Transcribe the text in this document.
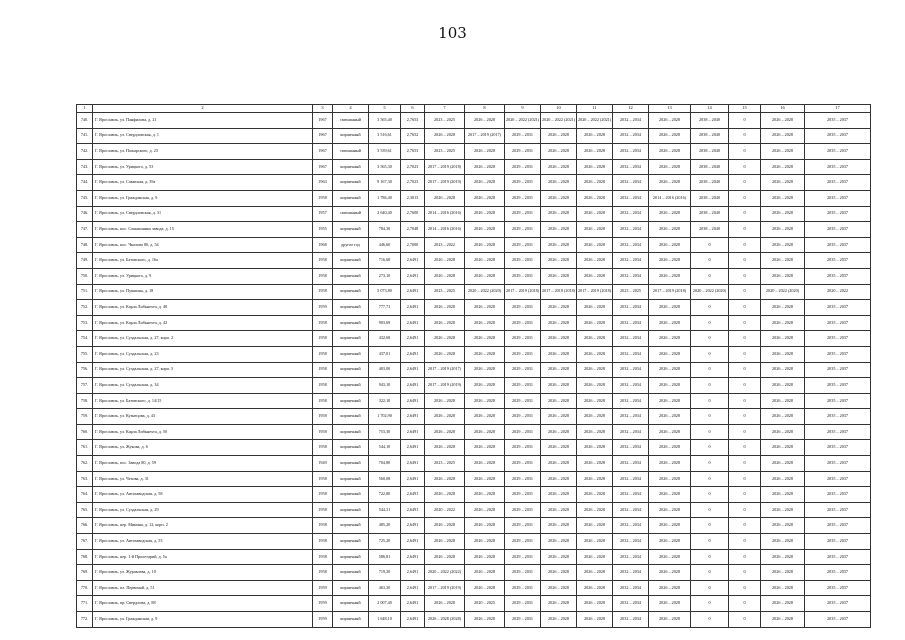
103
1	2	3	4	5	6	7	8	9	10	11	12	13	14	15	16	17
740.	Г. Ярославль, ул. Панфилова, д. 21	1967	смешанный	3 565,40	2,7653	2023 – 2025	2026 – 2028	2020 – 2022 (2021)	2020 – 2022 (2021)	2020 – 2022 (2021)	2032 – 2034	2026 – 2028	2038 – 2040	0	2026 – 2028	2035 – 2037
741.	Г. Ярославль, ул. Свердловская, д. 1	1967	кирпичный	3 516,61	2,7652	2026 – 2028	2017 – 2019 (2017)	2029 – 2031	2026 – 2028	2026 – 2028	2032 – 2034	2026 – 2028	2038 – 2040	0	2026 – 2028	2035 – 2037
742.	Г. Ярославль, ул. Пожарского, д. 23	1967	смешанный	3 539,61	2,7653	2023 – 2025	2026 – 2028	2029 – 2031	2026 – 2028	2026 – 2028	2032 – 2034	2026 – 2028	2038 – 2040	0	2026 – 2028	2035 – 2037
743.	Г. Ярославль, ул. Урицкого, д. 53	1967	кирпичный	3 565,30	2,7023	2017 – 2019 (2018)	2026 – 2028	2029 – 2031	2026 – 2028	2026 – 2028	2032 – 2034	2026 – 2028	2038 – 2040	0	2026 – 2028	2035 – 2037
744.	Г. Ярославль, ул. Сакмская, д. 39а	1963	кирпичный	9 167,30	2,7023	2017 – 2019 (2019)	2026 – 2028	2029 – 2031	2026 – 2028	2026 – 2028	2032 – 2034	2026 – 2028	2038 – 2040	0	2026 – 2028	2035 – 2037
745.	Г. Ярославль, ул. Гражданская, д. 9	1958	кирпичный	1 786,40	2,3013	2026 – 2028	2026 – 2028	2029 – 2031	2026 – 2028	2026 – 2028	2032 – 2034	2014 – 2016 (2016)	2038 – 2040	0	2026 – 2028	2035 – 2037
746.	Г. Ярославль, ул. Свердловская, д. 31	1957	смешанный	2 640,40	2,7600	2014 – 2016 (2016)	2026 – 2028	2029 – 2031	2026 – 2028	2026 – 2028	2032 – 2034	2026 – 2028	2038 – 2040	0	2026 – 2028	2035 – 2037
747.	Г. Ярославль, пос. Сокнашника завода, д. 15	1955	кирпичный	784,30	2,7048	2014 – 2016 (2016)	2026 – 2028	2029 – 2031	2026 – 2028	2026 – 2028	2032 – 2034	2026 – 2028	2038 – 2040	0	2026 – 2028	2035 – 2037
748.	Г. Ярославль, пос. Чкалова 80, д. 54	1968	другое год	446,60	2,7000	2023 – 2022	2026 – 2028	2029 – 2031	2026 – 2028	2026 – 2028	2032 – 2034	2026 – 2028	0	0	2026 – 2028	2035 – 2037
749.	Г. Ярославль, ул. Батовского, д. 16а	1958	кирпичный	716,60	2,6491	2026 – 2028	2026 – 2028	2029 – 2031	2026 – 2028	2026 – 2028	2032 – 2034	2026 – 2028	0	0	2026 – 2028	2035 – 2037
750.	Г. Ярославль, ул. Урицкого, д. 9	1958	кирпичный	273,10	2,6491	2026 – 2028	2026 – 2028	2029 – 2031	2026 – 2028	2026 – 2028	2032 – 2034	2026 – 2028	0	0	2026 – 2028	2035 – 2037
751.	Г. Ярославль, ул. Пушкина, д. 18	1958	кирпичный	5 073,80	2,6491	2023 – 2025	2020 – 2022 (2020)	2017 – 2019 (2018)	2017 – 2019 (2018)	2017 – 2019 (2018)	2023 – 2025	2017 – 2019 (2018)	2020 – 2022 (2020)	0	2020 – 2022 (2020)	2020 – 2022
752.	Г. Ярославль, ул. Карла Либкнехта, д. 40	1959	кирпичный	777,71	2,6491	2026 – 2028	2026 – 2028	2029 – 2031	2026 – 2028	2026 – 2028	2032 – 2034	2026 – 2028	0	0	2026 – 2028	2035 – 2037
753.	Г. Ярославль, ул. Карла Либкнехта, д. 42	1958	кирпичный	903,69	2,6491	2026 – 2028	2026 – 2028	2029 – 2031	2026 – 2028	2026 – 2028	2032 – 2034	2026 – 2028	0	0	2026 – 2028	2035 – 2037
754.	Г. Ярославль, ул. Суздальская, д. 27, корп. 2	1958	кирпичный	432,68	2,6491	2026 – 2028	2026 – 2028	2029 – 2031	2026 – 2028	2026 – 2028	2032 – 2034	2026 – 2028	0	0	2026 – 2028	2035 – 2037
755.	Г. Ярославль, ул. Суздальская, д. 23	1958	кирпичный	437,01	2,6491	2026 – 2028	2026 – 2028	2029 – 2031	2026 – 2028	2026 – 2028	2032 – 2034	2026 – 2028	0	0	2026 – 2028	2035 – 2037
756.	Г. Ярославль, ул. Суздальская, д. 27, корп. 3	1958	кирпичный	403,00	2,6491	2017 – 2019 (2017)	2026 – 2028	2029 – 2031	2026 – 2028	2026 – 2028	2032 – 2034	2026 – 2028	0	0	2026 – 2028	2035 – 2037
757.	Г. Ярославль, ул. Суздальская, д. 34	1958	кирпичный	943,10	2,6491	2017 – 2019 (2019)	2026 – 2028	2029 – 2031	2026 – 2028	2026 – 2028	2032 – 2034	2026 – 2028	0	0	2026 – 2028	2035 – 2037
758.	Г. Ярославль, ул. Батовского, д. 14/15	1958	кирпичный	322,10	2,6491	2026 – 2028	2026 – 2028	2029 – 2031	2026 – 2028	2026 – 2028	2032 – 2034	2026 – 2028	0	0	2026 – 2028	2035 – 2037
759.	Г. Ярославль, ул. Кузнецова, д. 43	1958	кирпичный	1 702,90	2,6491	2026 – 2028	2026 – 2028	2029 – 2031	2026 – 2028	2026 – 2028	2032 – 2034	2026 – 2028	0	0	2026 – 2028	2035 – 2037
760.	Г. Ярославль, ул. Карла Либкнехта, д. 50	1958	кирпичный	753,30	2,6491	2026 – 2028	2026 – 2028	2029 – 2031	2026 – 2028	2026 – 2028	2032 – 2034	2026 – 2028	0	0	2026 – 2028	2035 – 2037
761.	Г. Ярославль, ул. Жукова, д. 6	1958	кирпичный	544,10	2,6491	2026 – 2028	2026 – 2028	2029 – 2031	2026 – 2028	2026 – 2028	2032 – 2034	2026 – 2028	0	0	2026 – 2028	2035 – 2037
762.	Г. Ярославль, пос. Завода 80, д. 59	1949	кирпичный	704,80	2,6491	2023 – 2025	2026 – 2028	2029 – 2031	2026 – 2028	2026 – 2028	2032 – 2034	2026 – 2028	0	0	2026 – 2028	2035 – 2037
763.	Г. Ярославль, ул. Чехова, д. 31	1958	кирпичный	560,08	2,6491	2026 – 2028	2026 – 2028	2029 – 2031	2026 – 2028	2026 – 2028	2032 – 2034	2026 – 2028	0	0	2026 – 2028	2035 – 2037
764.	Г. Ярославль, ул. Автозаводская, д. 58	1958	кирпичный	722,80	2,6491	2026 – 2028	2026 – 2028	2029 – 2031	2026 – 2028	2026 – 2028	2032 – 2034	2026 – 2028	0	0	2026 – 2028	2035 – 2037
765.	Г. Ярославль, ул. Суздальская, д. 29	1958	кирпичный	544,31	2,6491	2020 – 2022	2026 – 2028	2029 – 2031	2026 – 2028	2026 – 2028	2032 – 2034	2026 – 2028	0	0	2026 – 2028	2035 – 2037
766.	Г. Ярославль, пер. Минина, д. 12, корп. 2	1958	кирпичный	485,20	2,6491	2026 – 2028	2026 – 2028	2029 – 2031	2026 – 2028	2026 – 2028	2032 – 2034	2026 – 2028	0	0	2026 – 2028	2035 – 2037
767.	Г. Ярославль, ул. Автозаводская, д. 53	1958	кирпичный	725,20	2,6491	2026 – 2028	2026 – 2028	2029 – 2031	2026 – 2028	2026 – 2028	2032 – 2034	2026 – 2028	0	0	2026 – 2028	2035 – 2037
768.	Г. Ярославль, пер. 1-й Пролетарий, д. 5а	1958	кирпичный	586,81	2,6491	2026 – 2028	2026 – 2028	2029 – 2031	2026 – 2028	2026 – 2028	2032 – 2034	2026 – 2028	0	0	2026 – 2028	2035 – 2037
769.	Г. Ярославль, ул. Журавлева, д. 10	1958	кирпичный	719,20	2,6491	2020 – 2022 (2022)	2026 – 2028	2029 – 2031	2026 – 2028	2026 – 2028	2032 – 2034	2026 – 2028	0	0	2026 – 2028	2035 – 2037
770.	Г. Ярославль, пл. Первомай, д. 51	1959	кирпичный	463,30	2,6491	2017 – 2019 (2019)	2026 – 2028	2029 – 2031	2026 – 2028	2026 – 2028	2032 – 2034	2026 – 2028	0	0	2026 – 2028	2035 – 2037
771.	Г. Ярославль, пр. Свердлова, д. 88	1959	кирпичный	2 007,40	2,6491	2026 – 2028	2020 – 2025	2029 – 2031	2026 – 2028	2026 – 2028	2032 – 2034	2026 – 2028	0	0	2026 – 2028	2035 – 2037
772.	Г. Ярославль, ул. Гражданская, д. 9	1959	кирпичный	1 648,10	2,6491	2026 – 2028 (2028)	2026 – 2028	2029 – 2031	2026 – 2028	2026 – 2028	2032 – 2034	2026 – 2028	0	0	2026 – 2028	2035 – 2037
